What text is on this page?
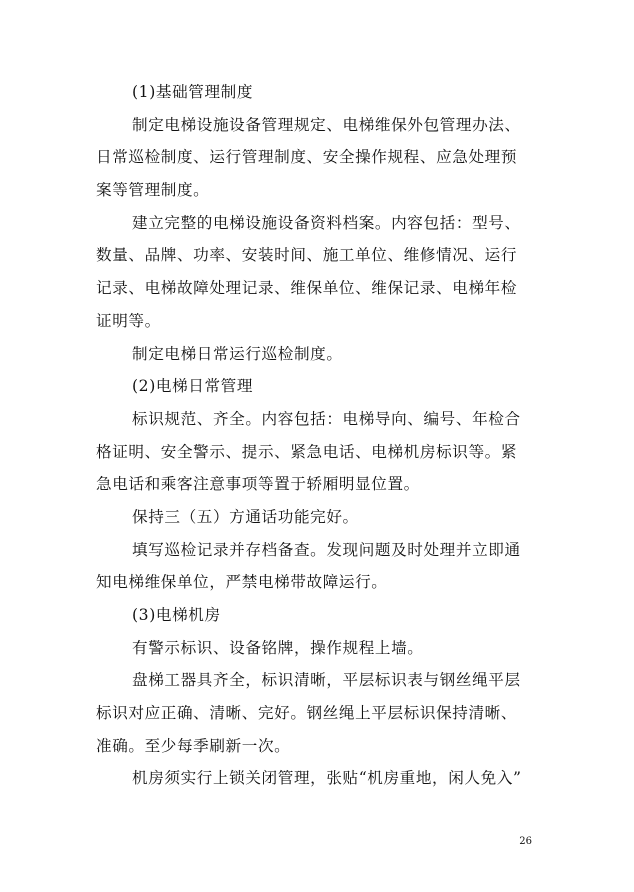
(1)基础管理制度
制定电梯设施设备管理规定、电梯维保外包管理办法、
日常巡检制度、运行管理制度、安全操作规程、应急处理预
案等管理制度。
建立完整的电梯设施设备资料档案。内容包括：型号、
数量、品牌、功率、安装时间、施工单位、维修情况、运行
记录、电梯故障处理记录、维保单位、维保记录、电梯年检
证明等。
制定电梯日常运行巡检制度。
(2)电梯日常管理
标识规范、齐全。内容包括：电梯导向、编号、年检合
格证明、安全警示、提示、紧急电话、电梯机房标识等。紧
急电话和乘客注意事项等置于轿厢明显位置。
保持三（五）方通话功能完好。
填写巡检记录并存档备查。发现问题及时处理并立即通
知电梯维保单位，严禁电梯带故障运行。
(3)电梯机房
有警示标识、设备铭牌，操作规程上墙。
盘梯工器具齐全，标识清晰，平层标识表与钢丝绳平层
标识对应正确、清晰、完好。钢丝绳上平层标识保持清晰、
准确。至少每季刷新一次。
机房须实行上锁关闭管理，张贴“机房重地，闲人免入”
26
